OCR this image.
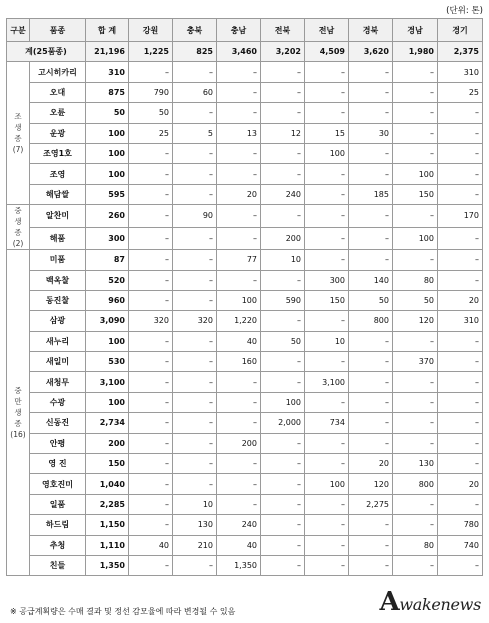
(단위: 톤)
구분	품종	합 계	강원	충북	충남	전북	전남	경북	경남	경기
계(25품종)		21,196	1,225	825	3,460	3,202	4,509	3,620	1,980	2,375

조
생
종
(7)	고시히카리	310	–	–	–	–	–	–	–	310
	오대	875	790	60	–	–	–	–	–	25
	오륜	50	50	–	–	–	–	–	–	–
	운광	100	25	5	13	12	15	30	–	–
	조영1호	100	–	–	–	–	100	–	–	–
	조영	100	–	–	–	–	–	–	100	–
	해담쌀	595	–	–	20	240	–	185	150	–

중
생
종
(2)	알찬미	260	–	90	–	–	–	–	–	170
	해품	300	–	–	–	200	–	–	100	–

중
만
생
종
(16)	미품	87	–	–	77	10	–	–	–	–
	백옥찰	520	–	–	–	–	300	140	80	–
	동진찰	960	–	–	100	590	150	50	50	20
	삼광	3,090	320	320	1,220	–	–	800	120	310
	새누리	100	–	–	40	50	10	–	–	–
	새일미	530	–	–	160	–	–	–	370	–
	새청무	3,100	–	–	–	–	3,100	–	–	–
	수광	100	–	–	–	100	–	–	–	–
	신동진	2,734	–	–	–	2,000	734	–	–	–
	안평	200	–	–	200	–	–	–	–	–
	영 진	150	–	–	–	–	–	20	130	–
	영호진미	1,040	–	–	–	–	100	120	800	20
	일품	2,285	–	10	–	–	–	2,275	–	–
	하드림	1,150	–	130	240	–	–	–	–	780
	추청	1,110	40	210	40	–	–	–	80	740
	친들	1,350	–	–	1,350	–	–	–	–	–
※ 공급계획량은 수매 결과 및 정선 감모율에 따라 변경될 수 있음	Awakenews
